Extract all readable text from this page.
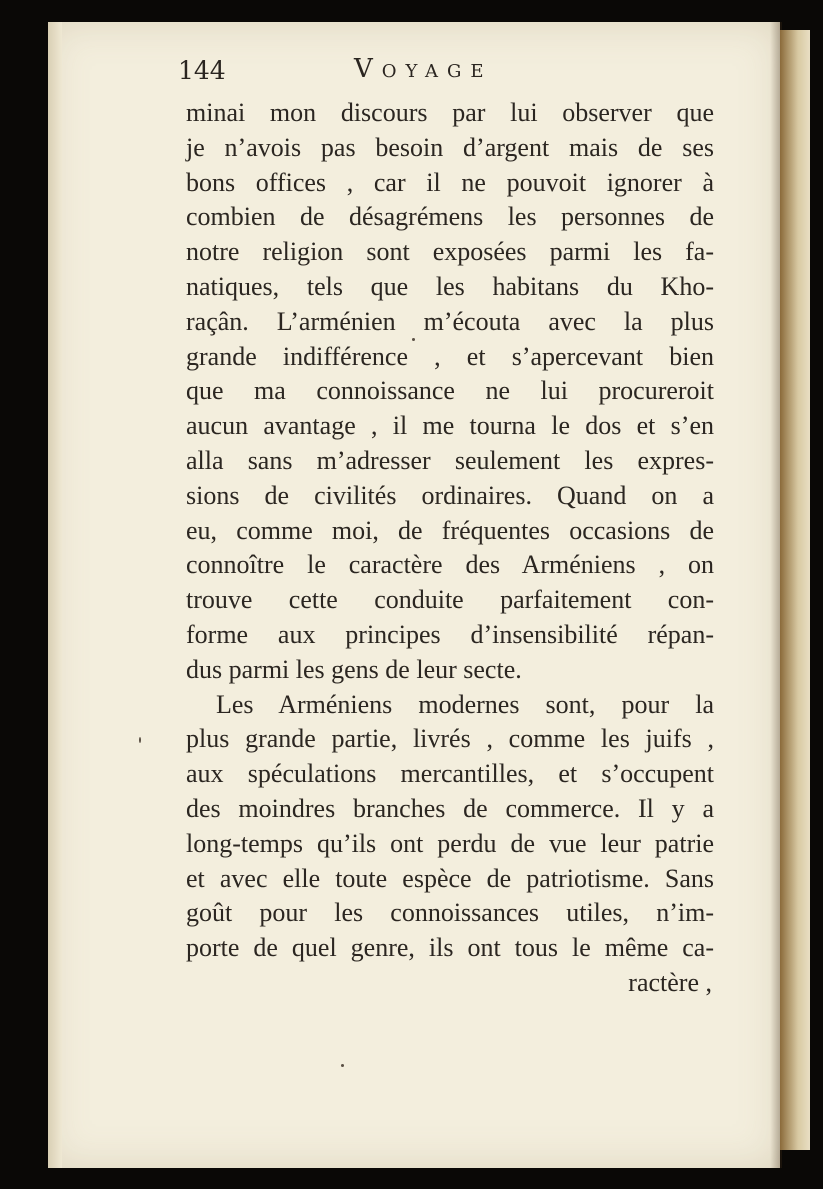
144	Voyage
minai mon discours par lui observer que
je n’avois pas besoin d’argent mais de ses
bons offices , car il ne pouvoit ignorer à
combien de désagrémens les personnes de
notre religion sont exposées parmi les fa-
natiques, tels que les habitans du Kho-
raçân. L’arménien m’écouta avec la plus
grande indifférence , et s’apercevant bien
que ma connoissance ne lui procureroit
aucun avantage , il me tourna le dos et s’en
alla sans m’adresser seulement les expres-
sions de civilités ordinaires. Quand on a
eu, comme moi, de fréquentes occasions de
connoître le caractère des Arméniens , on
trouve cette conduite parfaitement con-
forme aux principes d’insensibilité répan-
dus parmi les gens de leur secte.
Les Arméniens modernes sont, pour la
plus grande partie, livrés , comme les juifs ,
aux spéculations mercantilles, et s’occupent
des moindres branches de commerce. Il y a
long-temps qu’ils ont perdu de vue leur patrie
et avec elle toute espèce de patriotisme. Sans
goût pour les connoissances utiles, n’im-
porte de quel genre, ils ont tous le même ca-
ractère ,
